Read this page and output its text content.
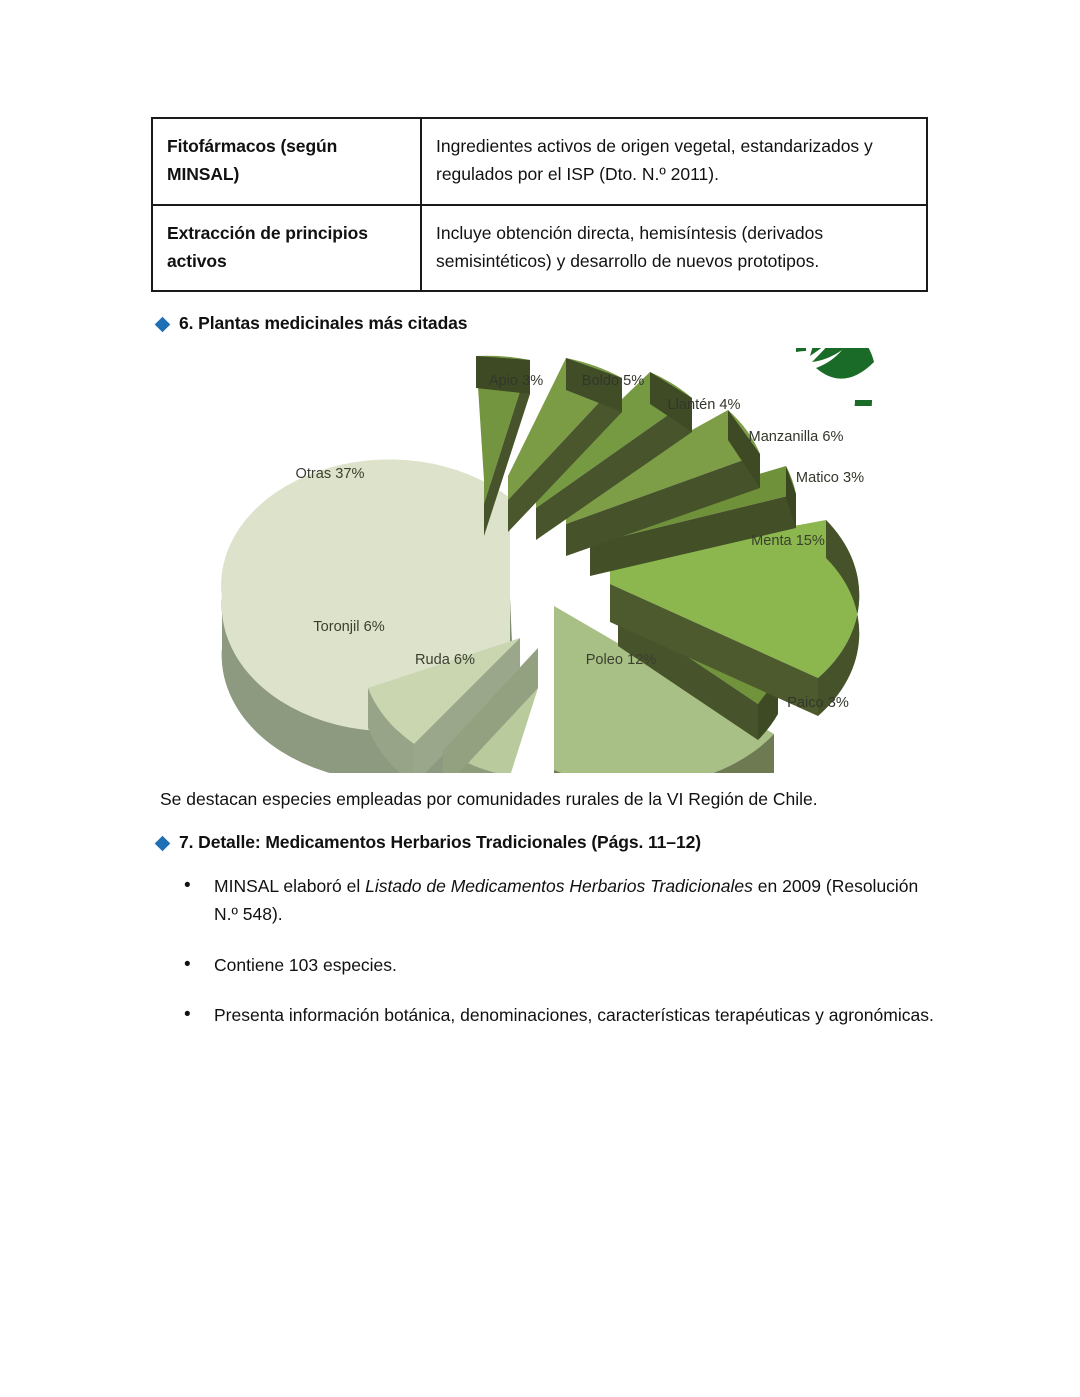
Fitofármacos (según MINSAL)	Ingredientes activos de origen vegetal, estandarizados y regulados por el ISP (Dto. N.º 2011).
Extracción de principios activos	Incluye obtención directa, hemisíntesis (derivados semisintéticos) y desarrollo de nuevos prototipos.
6. Plantas medicinales más citadas
Apio 3%	Boldo 5%
Llantén 4%
Manzanilla 6%
Matico 3%
Menta 15%
Paico 3%
Poleo 12%
Ruda 6%
Toronjil 6%
Otras 37%
Se destacan especies empleadas por comunidades rurales de la VI Región de Chile.
7. Detalle: Medicamentos Herbarios Tradicionales (Págs. 11–12)
• MINSAL elaboró el Listado de Medicamentos Herbarios Tradicionales en 2009 (Resolución N.º 548).
• Contiene 103 especies.
• Presenta información botánica, denominaciones, características terapéuticas y agronómicas.
